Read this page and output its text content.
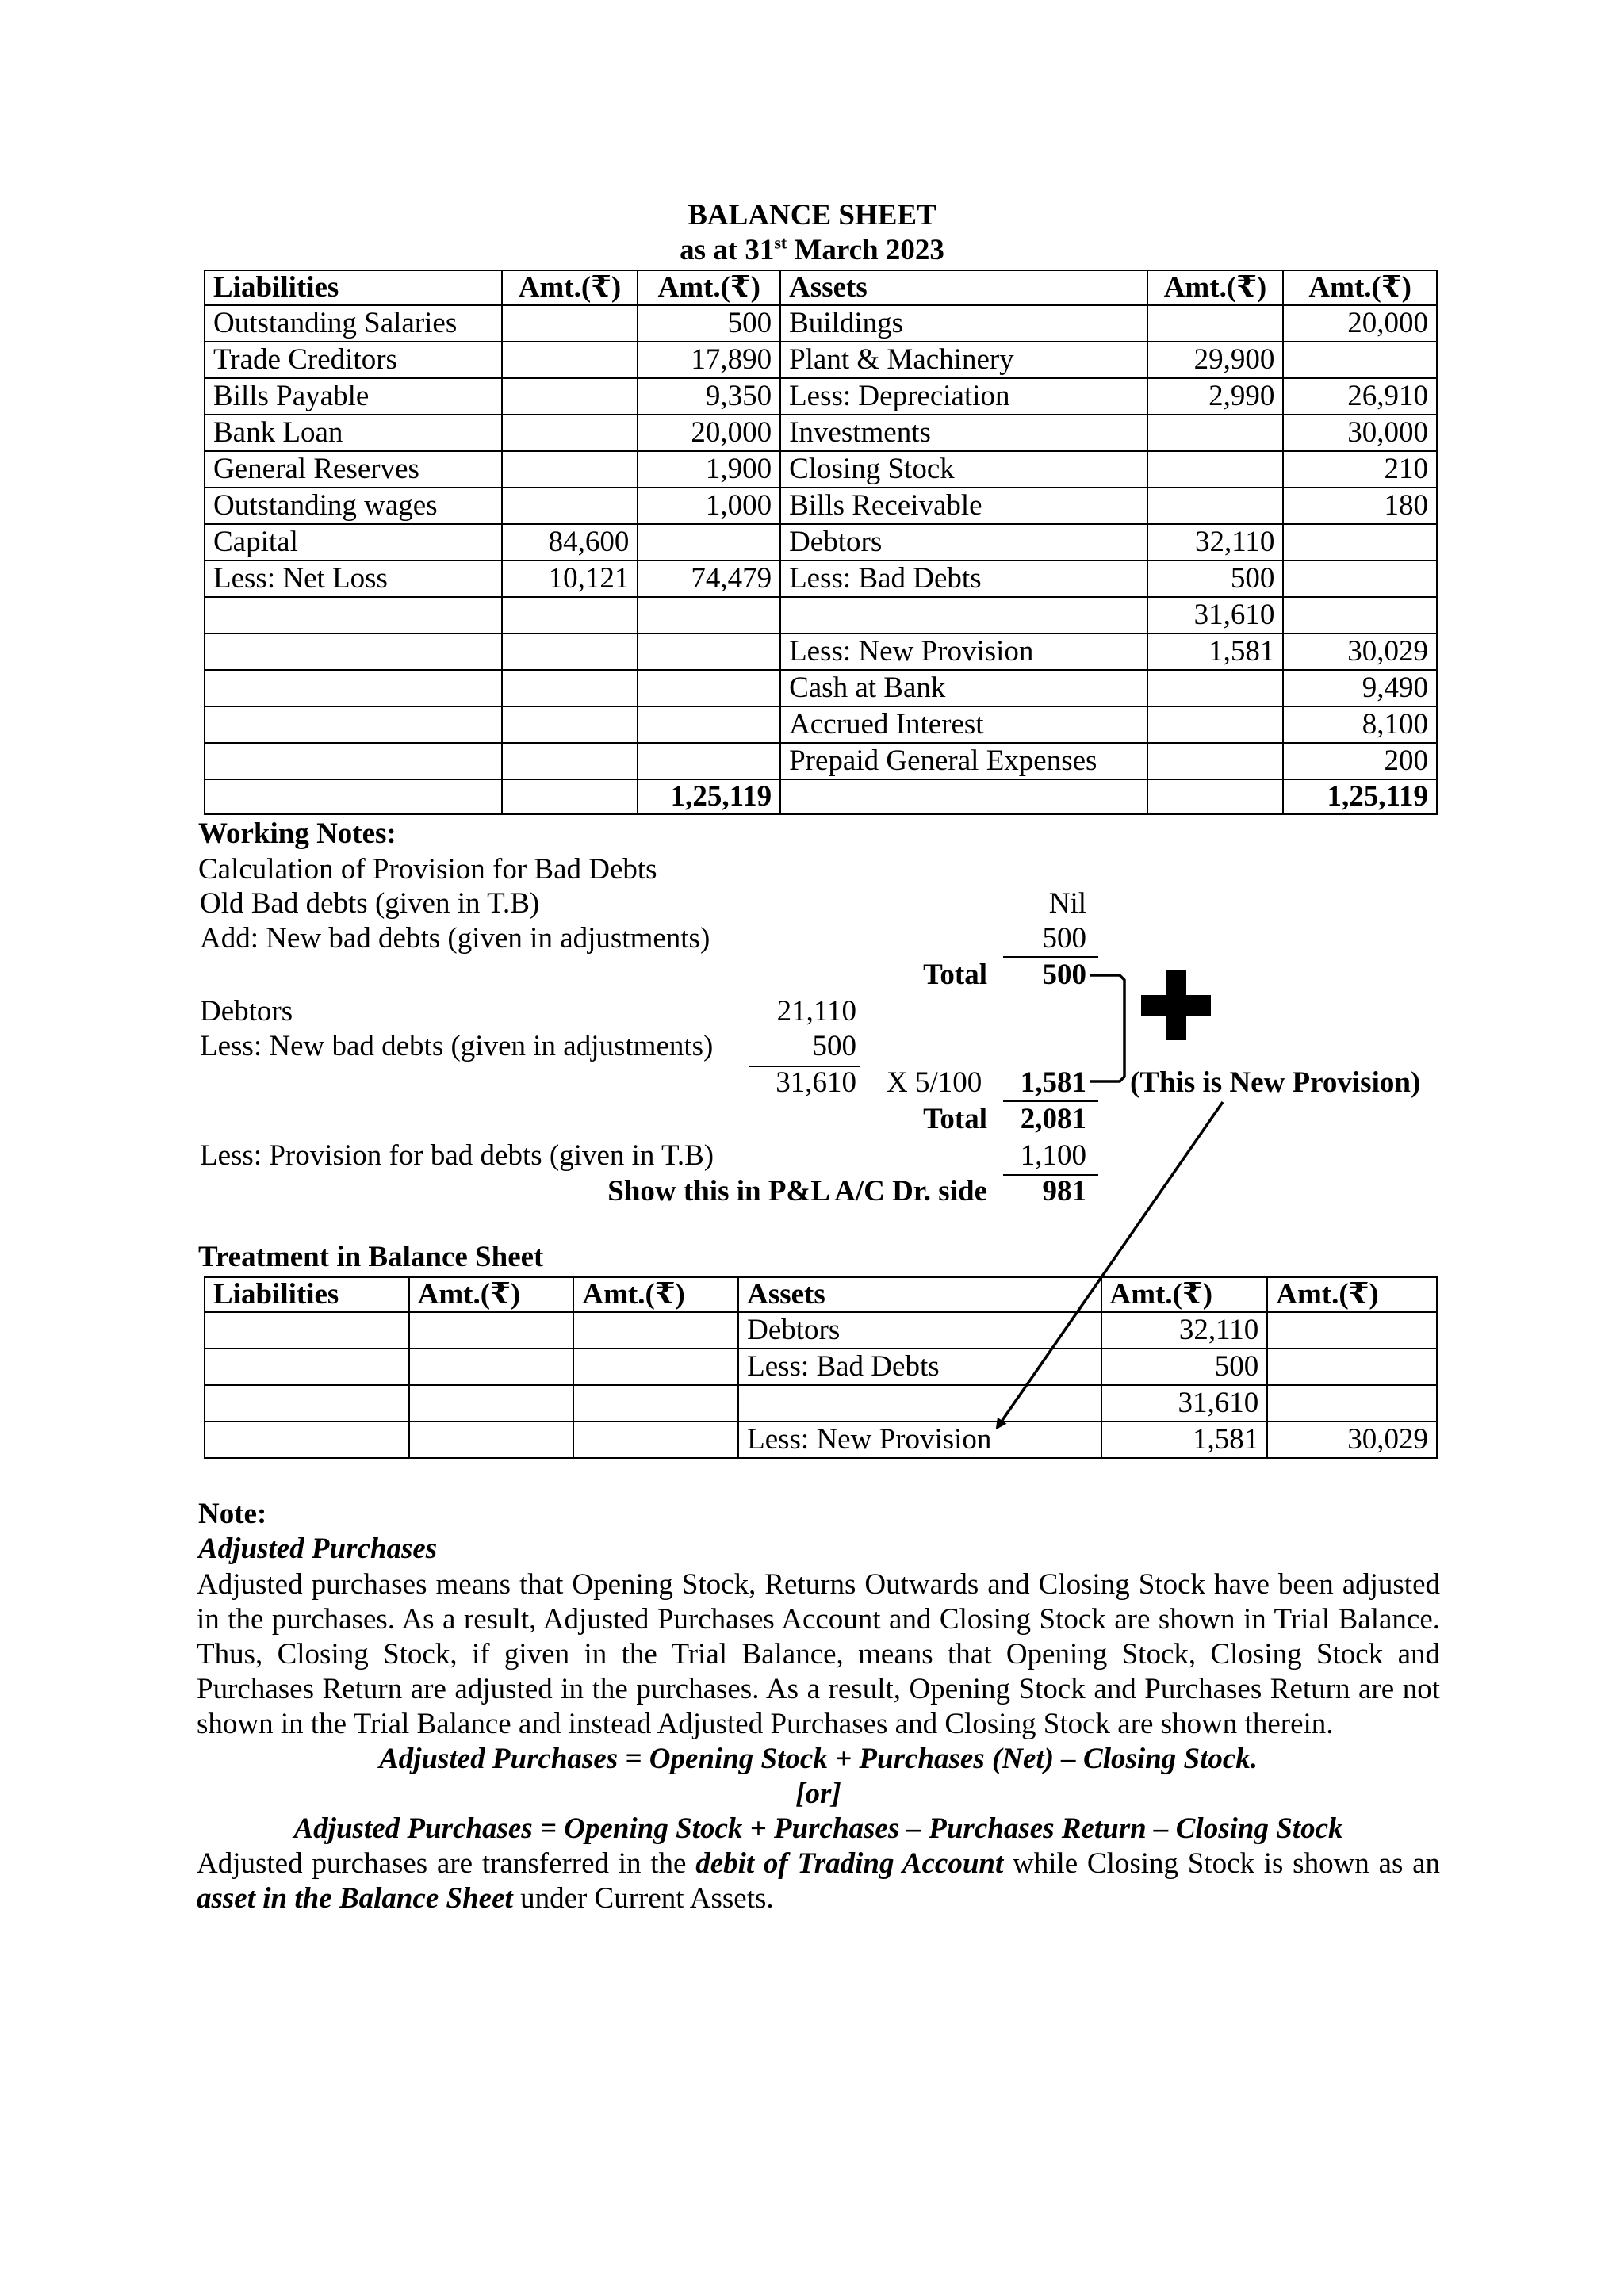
BALANCE SHEET
as at 31st March 2023
Liabilities	Amt.(₹)	Amt.(₹)	Assets	Amt.(₹)	Amt.(₹)
Outstanding Salaries		500	Buildings		20,000
Trade Creditors		17,890	Plant & Machinery	29,900	
Bills Payable		9,350	Less: Depreciation	2,990	26,910
Bank Loan		20,000	Investments		30,000
General Reserves		1,900	Closing Stock		210
Outstanding wages		1,000	Bills Receivable		180
Capital	84,600		Debtors	32,110	
Less: Net Loss	10,121	74,479	Less: Bad Debts	500	
				31,610	
			Less: New Provision	1,581	30,029
			Cash at Bank		9,490
			Accrued Interest		8,100
			Prepaid General Expenses		200
		1,25,119			1,25,119
Working Notes:
Calculation of Provision for Bad Debts
Old Bad debts (given in T.B)	Nil
Add: New bad debts (given in adjustments)	500
Total	500
Debtors	21,110
Less: New bad debts (given in adjustments)	500
31,610 X 5/100	1,581 (This is New Provision)
Total	2,081
Less: Provision for bad debts (given in T.B)	1,100
Show this in P&L A/C Dr. side	981
Treatment in Balance Sheet
Liabilities	Amt.(₹)	Amt.(₹)	Assets	Amt.(₹)	Amt.(₹)
			Debtors	32,110	
			Less: Bad Debts	500	
				31,610	
			Less: New Provision	1,581	30,029
Note:
Adjusted Purchases
Adjusted purchases means that Opening Stock, Returns Outwards and Closing Stock have been adjusted in the purchases. As a result, Adjusted Purchases Account and Closing Stock are shown in Trial Balance. Thus, Closing Stock, if given in the Trial Balance, means that Opening Stock, Closing Stock and Purchases Return are adjusted in the purchases. As a result, Opening Stock and Purchases Return are not shown in the Trial Balance and instead Adjusted Purchases and Closing Stock are shown therein.
Adjusted Purchases = Opening Stock + Purchases (Net) – Closing Stock.
[or]
Adjusted Purchases = Opening Stock + Purchases – Purchases Return – Closing Stock
Adjusted purchases are transferred in the debit of Trading Account while Closing Stock is shown as an asset in the Balance Sheet under Current Assets.
